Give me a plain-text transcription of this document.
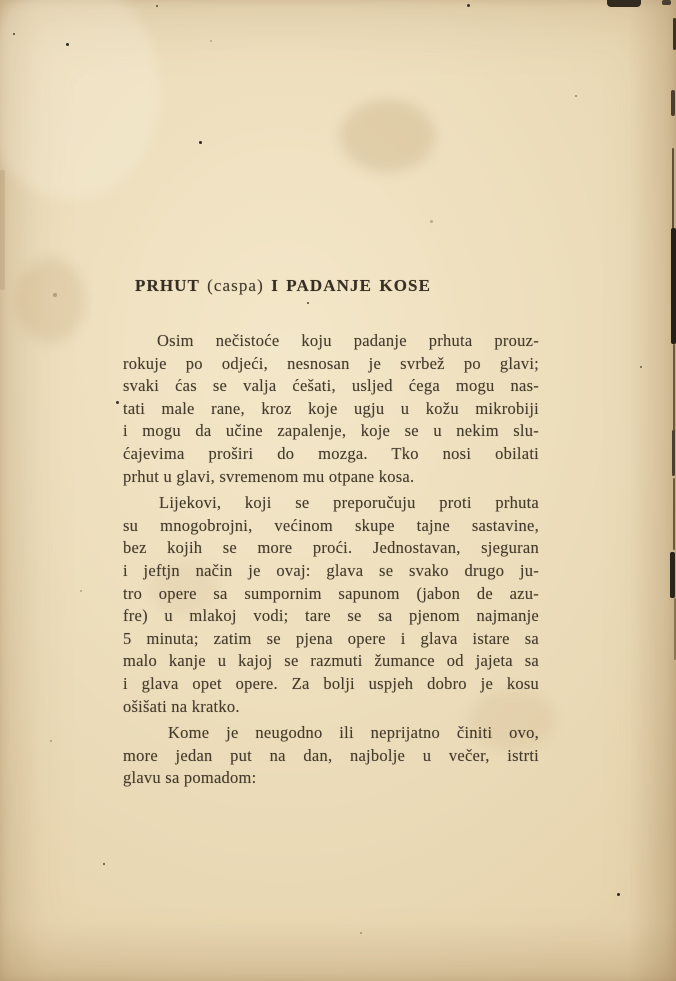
PRHUT (caspa) I PADANJE KOSE

Osim nečistoće koju padanje prhuta prouz-
rokuje po odjeći, nesnosan je svrbež po glavi;
svaki ćas se valja ćešati, usljed ćega mogu nas-
tati male rane, kroz koje ugju u kožu mikrobiji
i mogu da učine zapalenje, koje se u nekim slu-
ćajevima proširi do mozga. Tko nosi obilati
prhut u glavi, svremenom mu otpane kosa.

Lijekovi, koji se preporučuju proti prhuta
su mnogobrojni, većinom skupe tajne sastavine,
bez kojih se more proći. Jednostavan, sjeguran
i jeftjn način je ovaj: glava se svako drugo ju-
tro opere sa sumpornim sapunom (jabon de azu-
fre) u mlakoj vodi; tare se sa pjenom najmanje
5 minuta; zatim se pjena opere i glava istare sa
malo kanje u kajoj se razmuti žumance od jajeta sa
i glava opet opere. Za bolji uspjeh dobro je kosu
ošišati na kratko.

Kome je neugodno ili neprijatno činiti ovo,
more jedan put na dan, najbolje u večer, istrti
glavu sa pomadom:
